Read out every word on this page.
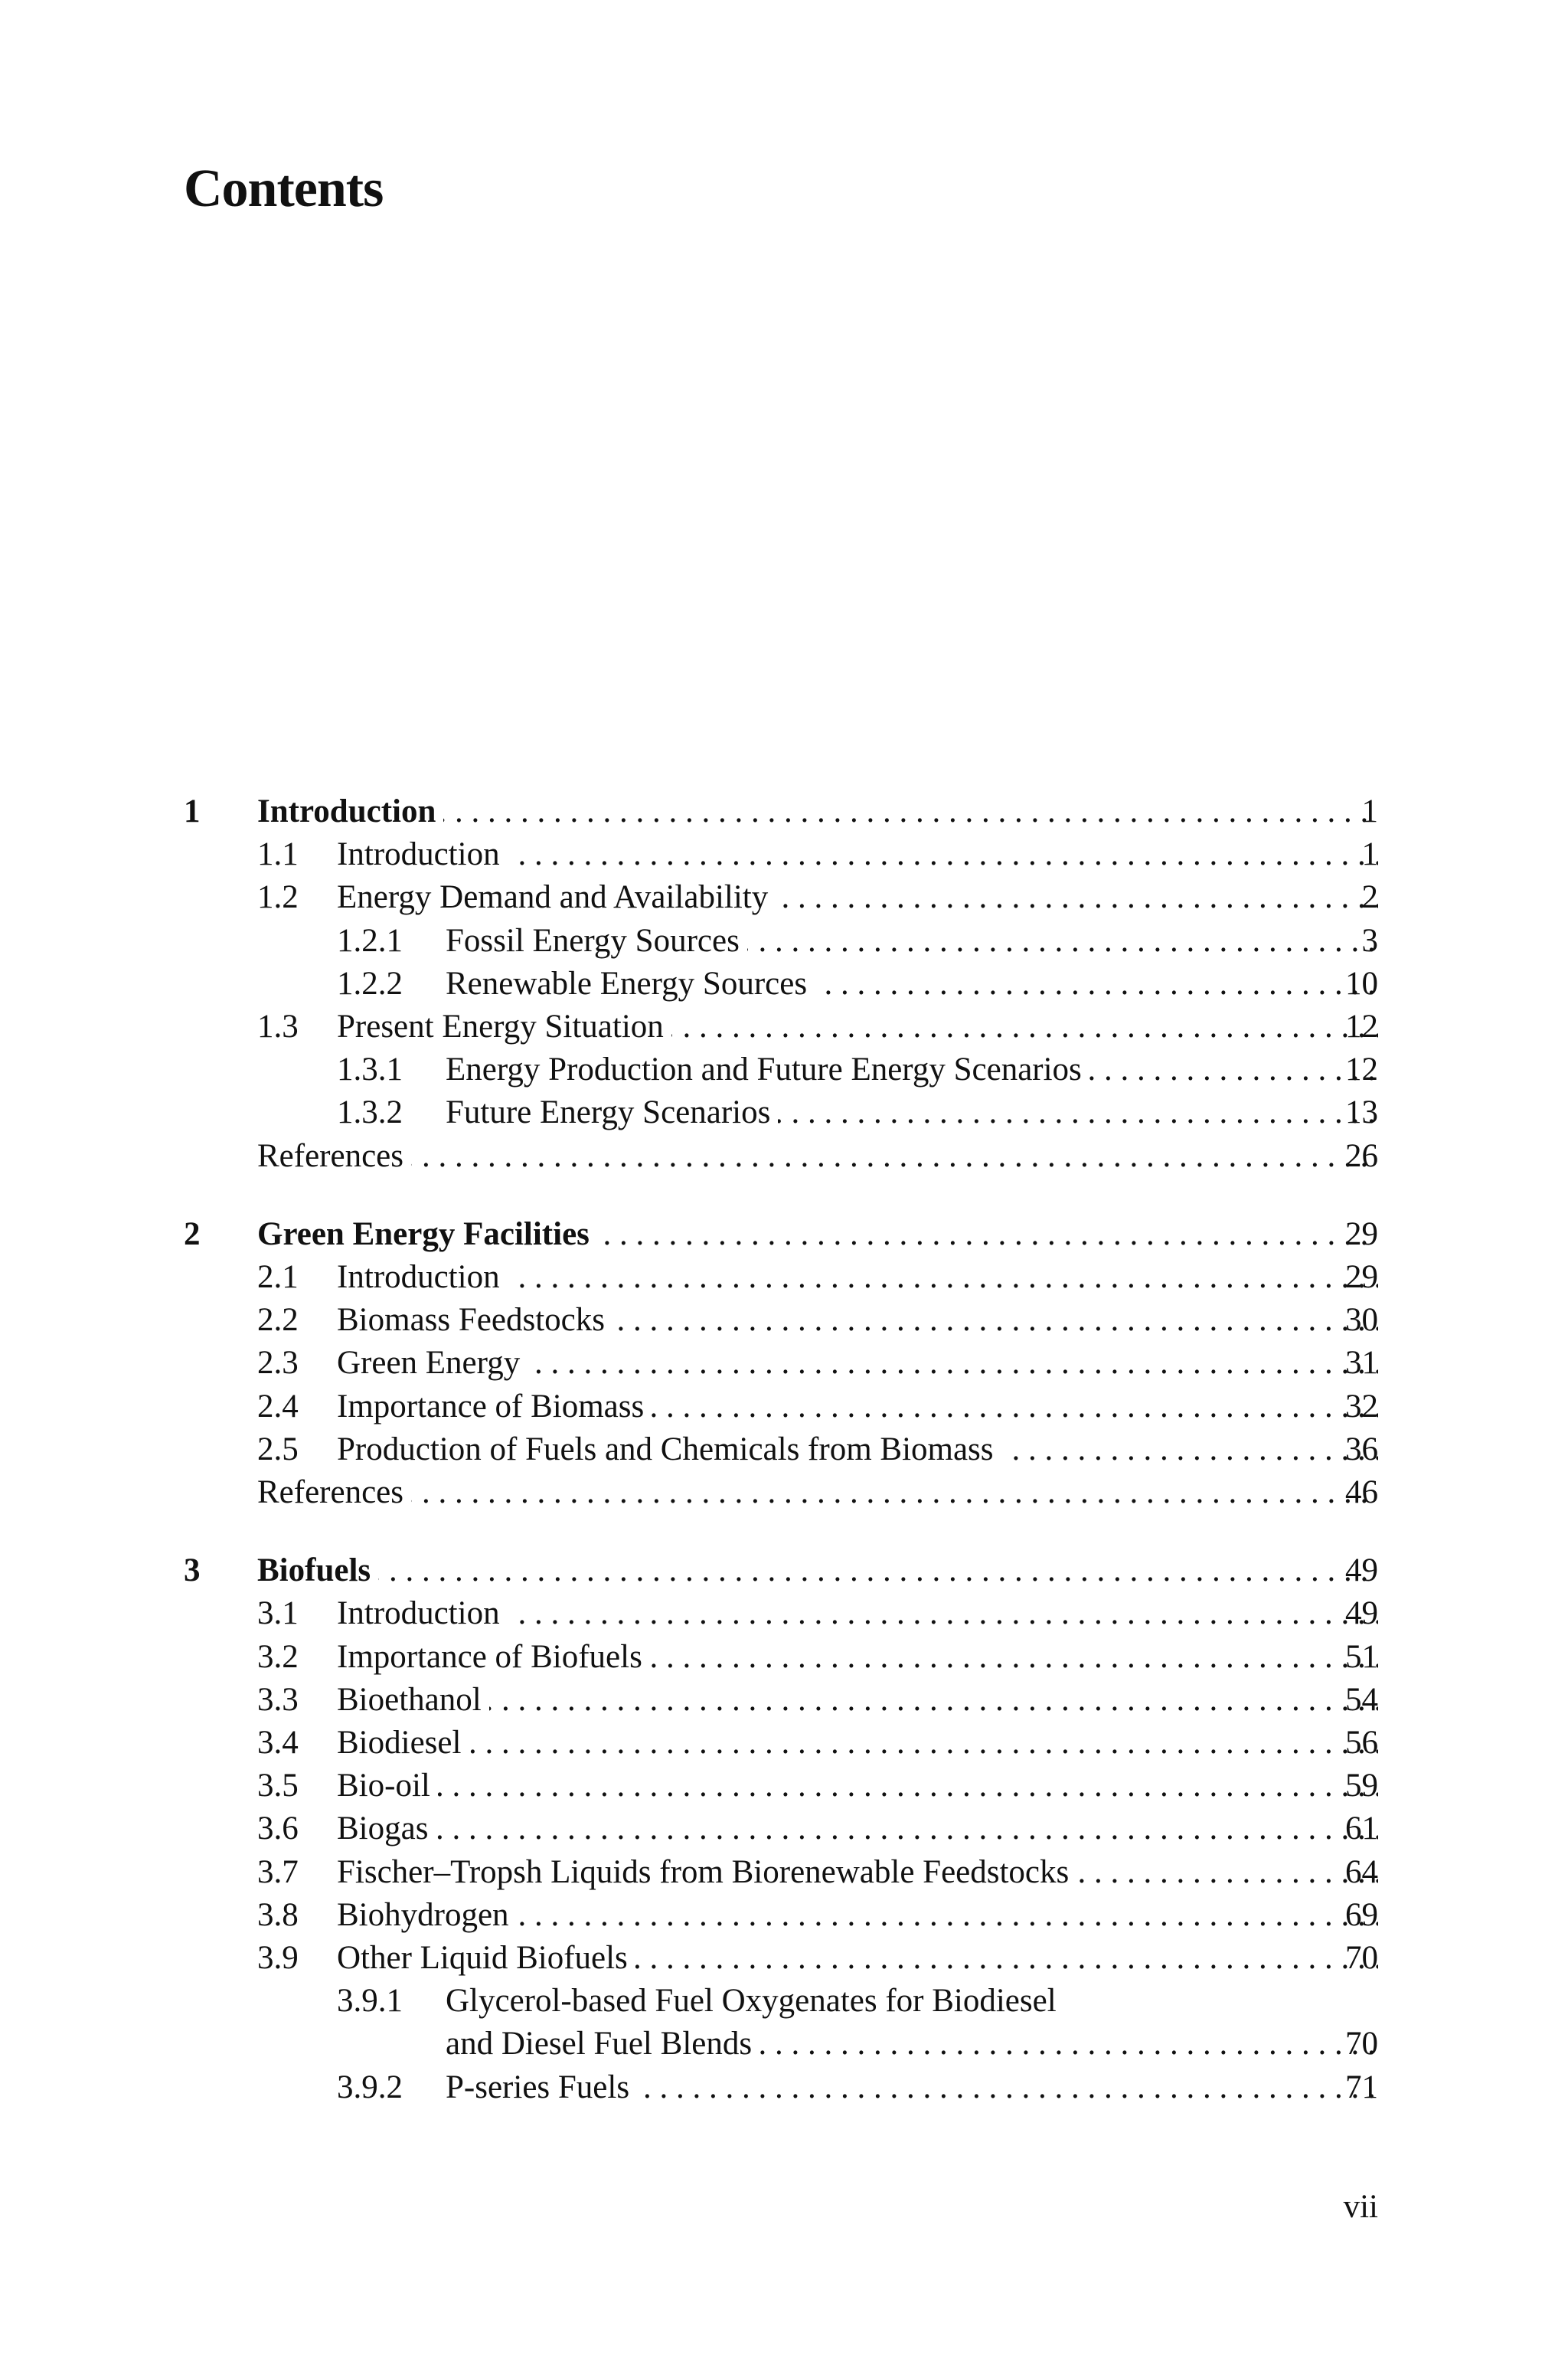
Contents
1 Introduction . . .	1
1.1 Introduction . . .	1
1.2 Energy Demand and Availability . . .	2
1.2.1 Fossil Energy Sources . . .	3
1.2.2 Renewable Energy Sources . . .	10
1.3 Present Energy Situation . . .	12
1.3.1 Energy Production and Future Energy Scenarios . . .	12
1.3.2 Future Energy Scenarios . . .	13
References . . .	26
2 Green Energy Facilities . . .	29
2.1 Introduction . . .	29
2.2 Biomass Feedstocks . . .	30
2.3 Green Energy . . .	31
2.4 Importance of Biomass . . .	32
2.5 Production of Fuels and Chemicals from Biomass . . .	36
References . . .	46
3 Biofuels . . .	49
3.1 Introduction . . .	49
3.2 Importance of Biofuels . . .	51
3.3 Bioethanol . . .	54
3.4 Biodiesel . . .	56
3.5 Bio-oil . . .	59
3.6 Biogas . . .	61
3.7 Fischer–Tropsh Liquids from Biorenewable Feedstocks . . .	64
3.8 Biohydrogen . . .	69
3.9 Other Liquid Biofuels . . .	70
3.9.1 Glycerol-based Fuel Oxygenates for Biodiesel
and Diesel Fuel Blends . . .	70
3.9.2 P-series Fuels . . .	71
vii
